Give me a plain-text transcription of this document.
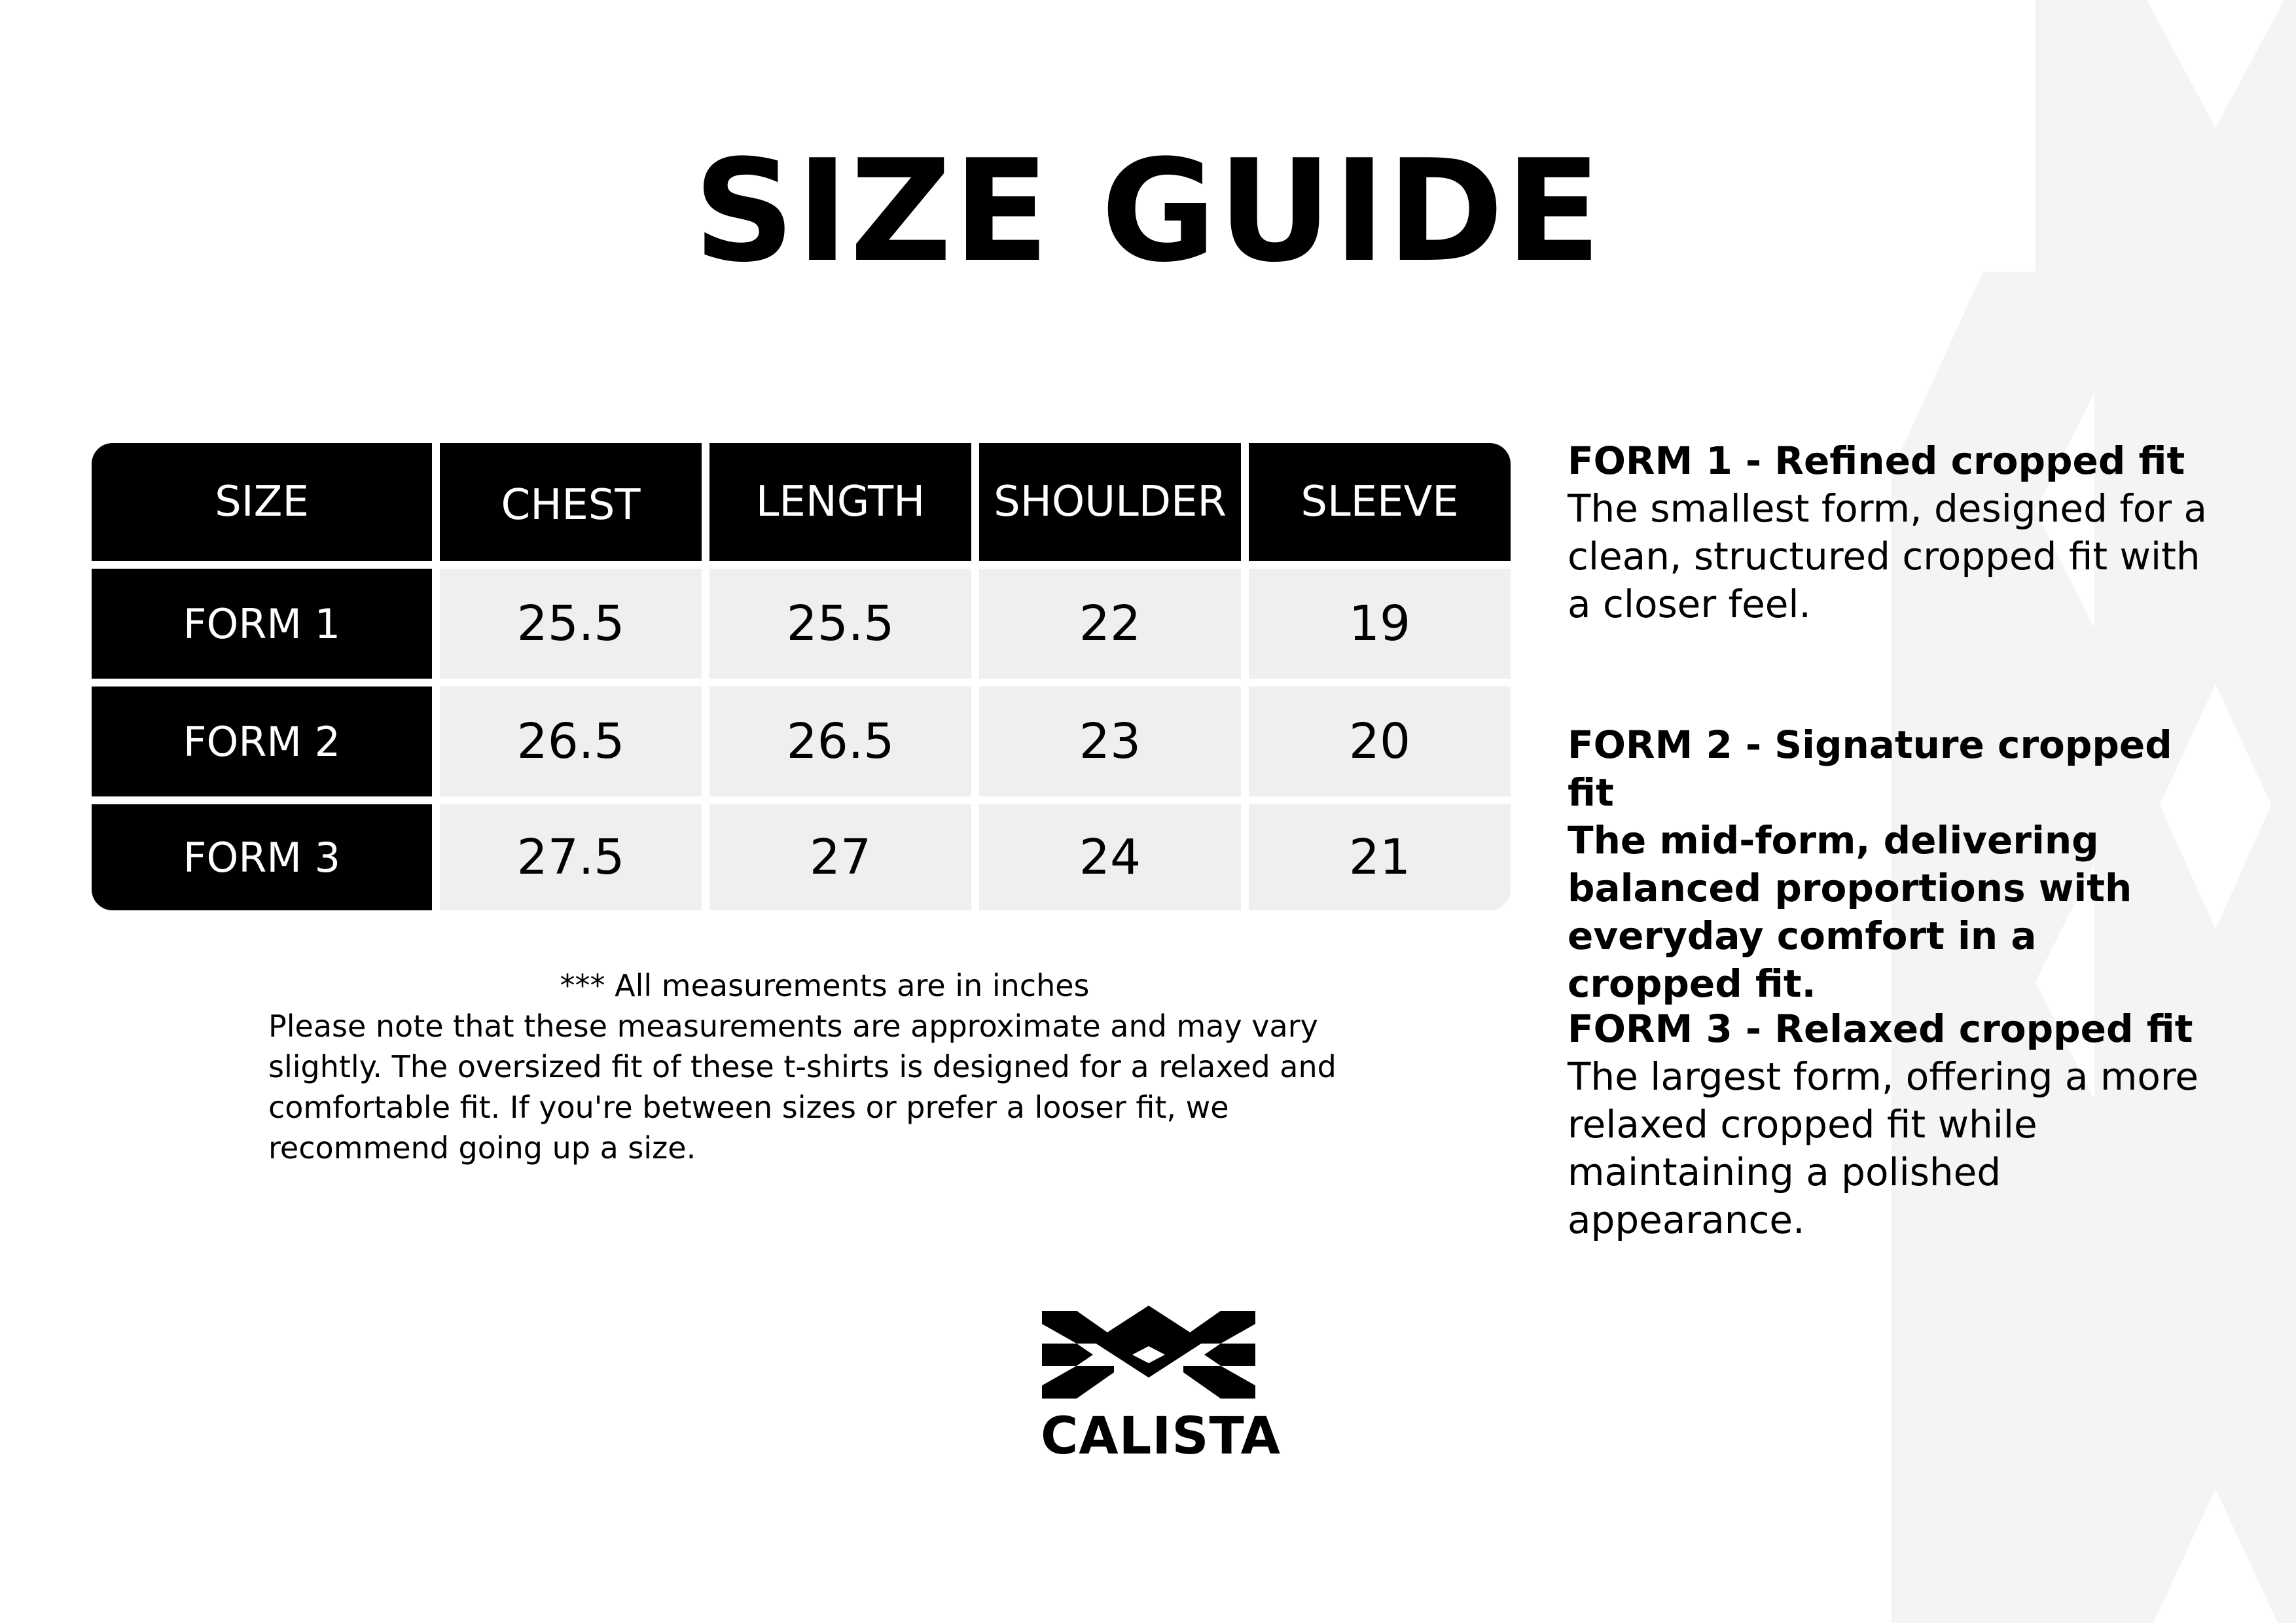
SIZE GUIDE
SIZE	CHEST	LENGTH	SHOULDER	SLEEVE
FORM 1	25.5	25.5	22	19
FORM 2	26.5	26.5	23	20
FORM 3	27.5	27	24	21
*** All measurements are in inches
Please note that these measurements are approximate and may vary slightly. The oversized fit of these t-shirts is designed for a relaxed and comfortable fit. If you're between sizes or prefer a looser fit, we recommend going up a size.
FORM 1 - Refined cropped fit
The smallest form, designed for a clean, structured cropped fit with a closer feel.
FORM 2 - Signature cropped fit
The mid-form, delivering balanced proportions with everyday comfort in a cropped fit.
FORM 3 - Relaxed cropped fit
The largest form, offering a more relaxed cropped fit while maintaining a polished appearance.
CALISTA
